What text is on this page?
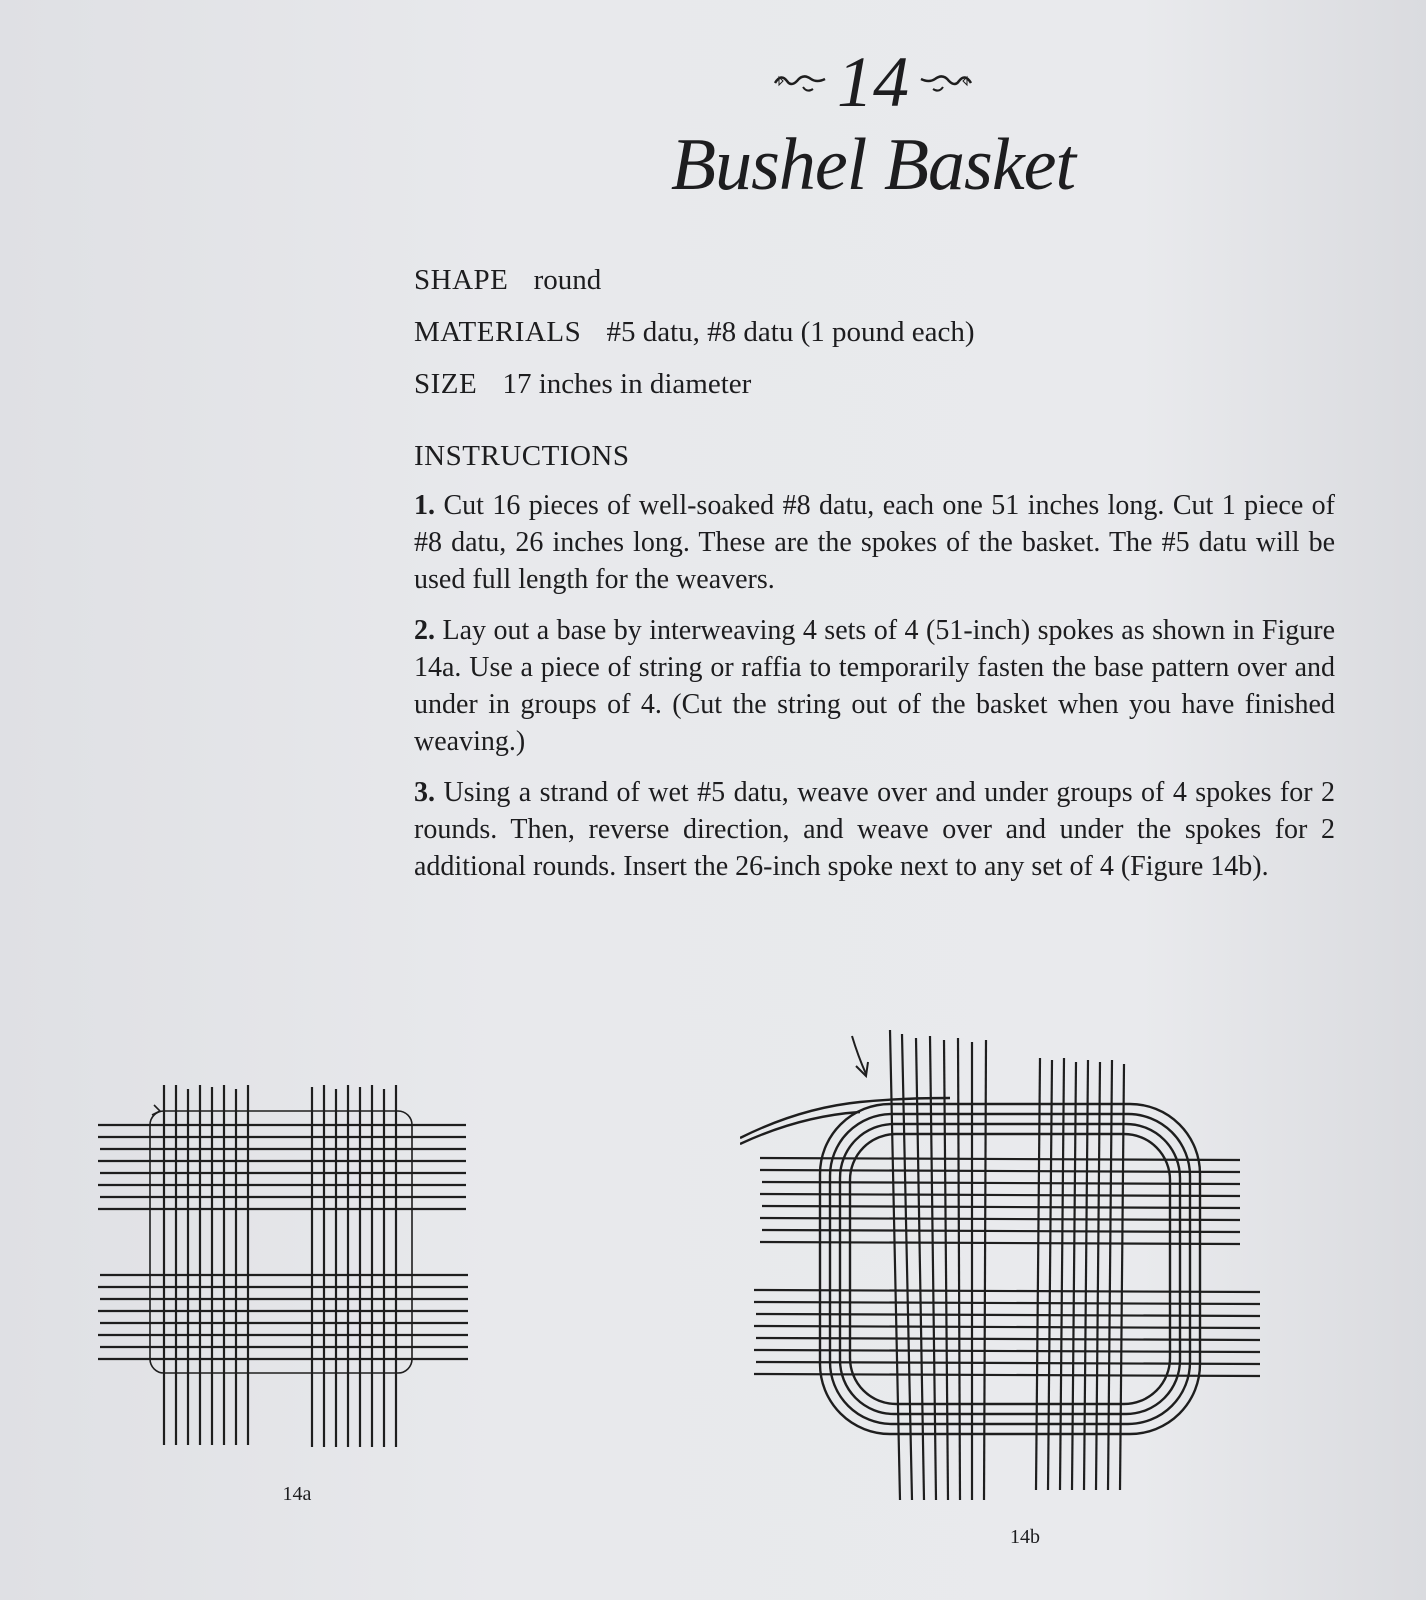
14
Bushel Basket
SHAPE round
MATERIALS #5 datu, #8 datu (1 pound each)
SIZE 17 inches in diameter
INSTRUCTIONS

1. Cut 16 pieces of well-soaked #8 datu, each one 51 inches long. Cut 1 piece of #8 datu, 26 inches long. These are the spokes of the basket. The #5 datu will be used full length for the weavers.

2. Lay out a base by interweaving 4 sets of 4 (51-inch) spokes as shown in Figure 14a. Use a piece of string or raffia to temporarily fasten the base pattern over and under in groups of 4. (Cut the string out of the basket when you have finished weaving.)

3. Using a strand of wet #5 datu, weave over and under groups of 4 spokes for 2 rounds. Then, reverse direction, and weave over and under the spokes for 2 additional rounds. Insert the 26-inch spoke next to any set of 4 (Figure 14b).

14a
14b
